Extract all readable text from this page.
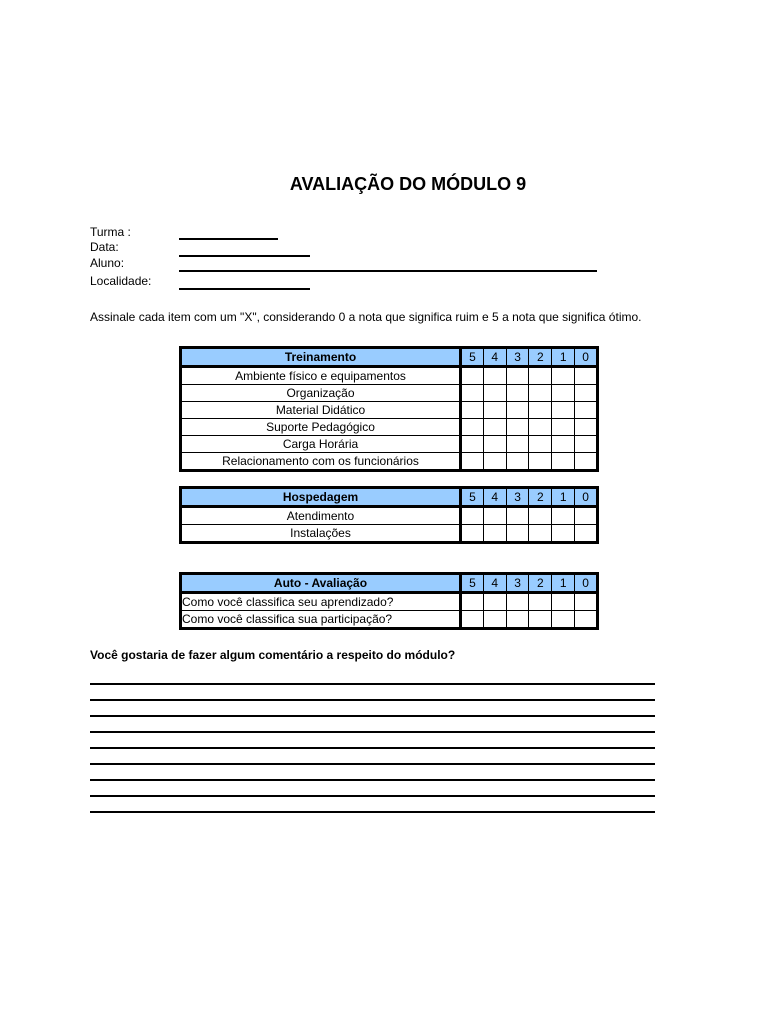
AVALIAÇÃO DO MÓDULO 9
Turma :
Data:
Aluno:
Localidade:
Assinale cada item com um "X", considerando 0 a nota que significa ruim e 5 a nota que significa ótimo.
Treinamento	5	4	3	2	1	0
Ambiente físico e equipamentos						
Organização						
Material Didático						
Suporte Pedagógico						
Carga Horária						
Relacionamento com os funcionários						
Hospedagem	5	4	3	2	1	0
Atendimento						
Instalações						
Auto - Avaliação	5	4	3	2	1	0
Como você classifica seu aprendizado?						
Como você classifica sua participação?						
Você gostaria de fazer algum comentário a respeito do módulo?
